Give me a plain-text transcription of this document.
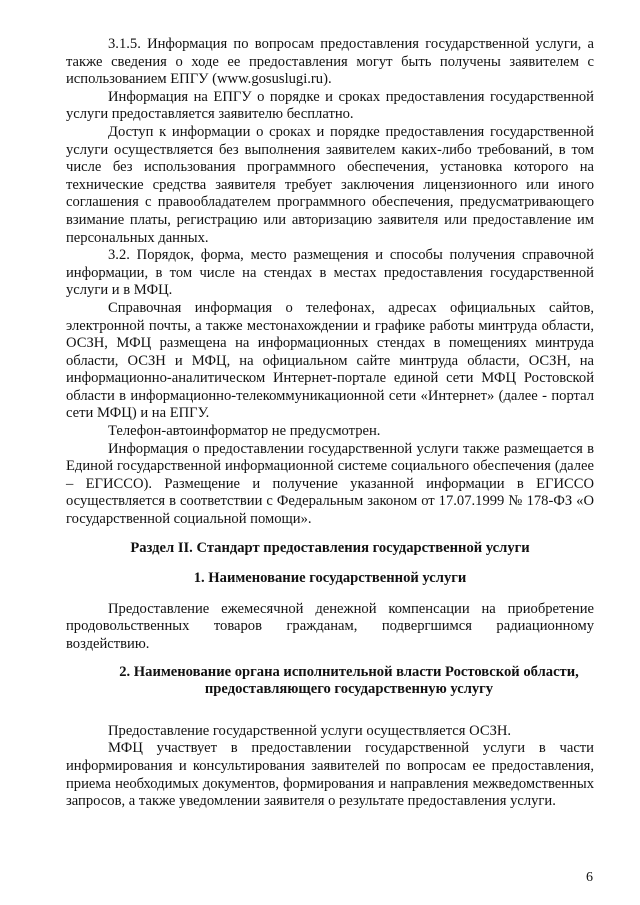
3.1.5. Информация по вопросам предоставления государственной услуги, а также сведения о ходе ее предоставления могут быть получены заявителем с использованием ЕПГУ (www.gosuslugi.ru).

Информация на ЕПГУ о порядке и сроках предоставления государственной услуги предоставляется заявителю бесплатно.

Доступ к информации о сроках и порядке предоставления государственной услуги осуществляется без выполнения заявителем каких-либо требований, в том числе без использования программного обеспечения, установка которого на технические средства заявителя требует заключения лицензионного или иного соглашения с правообладателем программного обеспечения, предусматривающего взимание платы, регистрацию или авторизацию заявителя или предоставление им персональных данных.

3.2. Порядок, форма, место размещения и способы получения справочной информации, в том числе на стендах в местах предоставления государственной услуги и в МФЦ.

Справочная информация о телефонах, адресах официальных сайтов, электронной почты, а также местонахождении и графике работы минтруда области, ОСЗН, МФЦ размещена на информационных стендах в помещениях минтруда области, ОСЗН и МФЦ, на официальном сайте минтруда области, ОСЗН, на информационно-аналитическом Интернет-портале единой сети МФЦ Ростовской области в информационно-телекоммуникационной сети «Интернет» (далее - портал сети МФЦ) и на ЕПГУ.

Телефон-автоинформатор не предусмотрен.

Информация о предоставлении государственной услуги также размещается в Единой государственной информационной системе социального обеспечения (далее – ЕГИССО). Размещение и получение указанной информации в ЕГИССО осуществляется в соответствии с Федеральным законом от 17.07.1999 № 178-ФЗ «О государственной социальной помощи».

Раздел II. Стандарт предоставления государственной услуги

1. Наименование государственной услуги

Предоставление ежемесячной денежной компенсации на приобретение продовольственных товаров гражданам, подвергшимся радиационному воздействию.

2. Наименование органа исполнительной власти Ростовской области,
предоставляющего государственную услугу

Предоставление государственной услуги осуществляется ОСЗН.

МФЦ участвует в предоставлении государственной услуги в части информирования и консультирования заявителей по вопросам ее предоставления, приема необходимых документов, формирования и направления межведомственных запросов, а также уведомлении заявителя о результате предоставления услуги.

6
